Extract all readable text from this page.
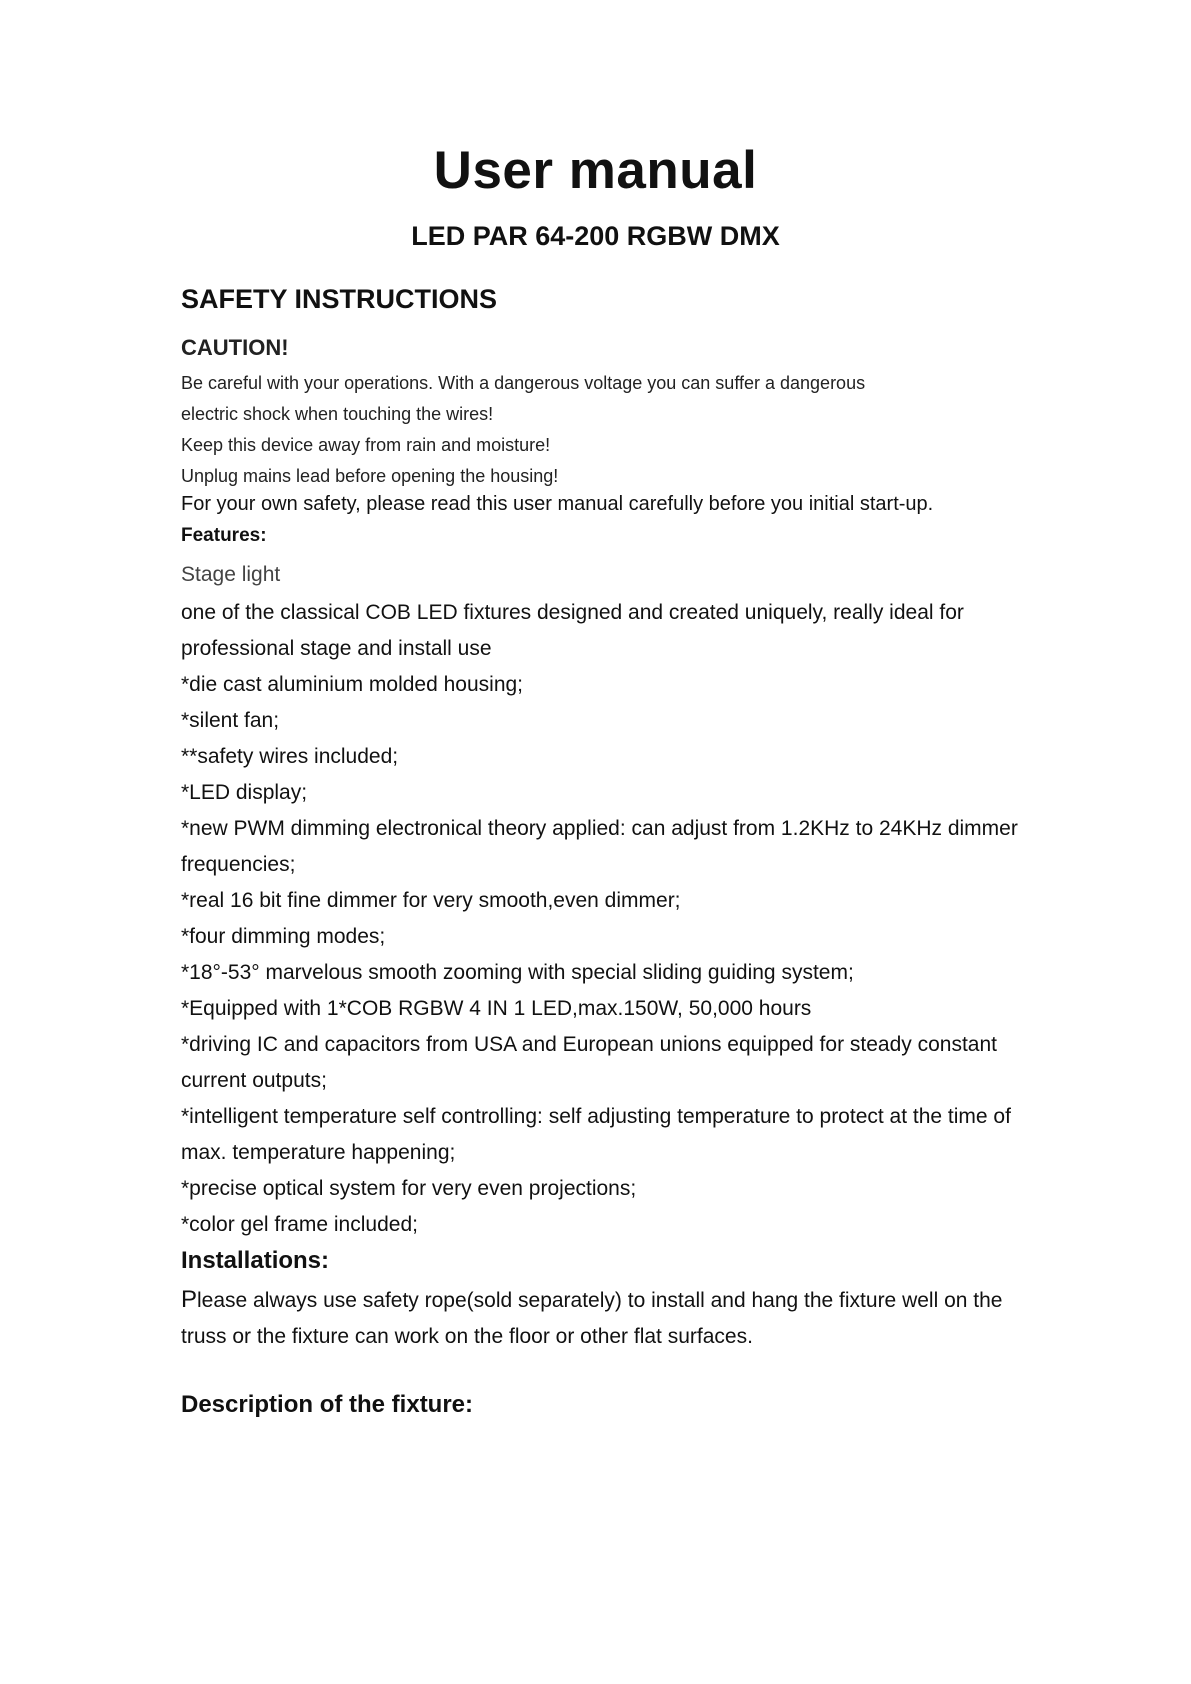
User manual
LED PAR 64-200 RGBW DMX
SAFETY INSTRUCTIONS
CAUTION!
Be careful with your operations. With a dangerous voltage you can suffer a dangerous
electric shock when touching the wires!
Keep this device away from rain and moisture!
Unplug mains lead before opening the housing!

For your own safety, please read this user manual carefully before you initial start-up.

Features:

Stage light

one of the classical COB LED fixtures designed and created uniquely, really ideal for
professional stage and install use
*die cast aluminium molded housing;
*silent fan;
**safety wires included;
*LED display;
*new PWM dimming electronical theory applied: can adjust from 1.2KHz to 24KHz dimmer
frequencies;
*real 16 bit fine dimmer for very smooth,even dimmer;
*four dimming modes;
*18°-53° marvelous smooth zooming with special sliding guiding system;
*Equipped with 1*COB RGBW 4 IN 1 LED,max.150W, 50,000 hours
*driving IC and capacitors from USA and European unions equipped for steady constant
current outputs;
*intelligent temperature self controlling: self adjusting temperature to protect at the time of
max. temperature happening;
*precise optical system for very even projections;
*color gel frame included;
Installations:

Please always use safety rope(sold separately) to install and hang the fixture well on the
truss or the fixture can work on the floor or other flat surfaces.

Description of the fixture:
